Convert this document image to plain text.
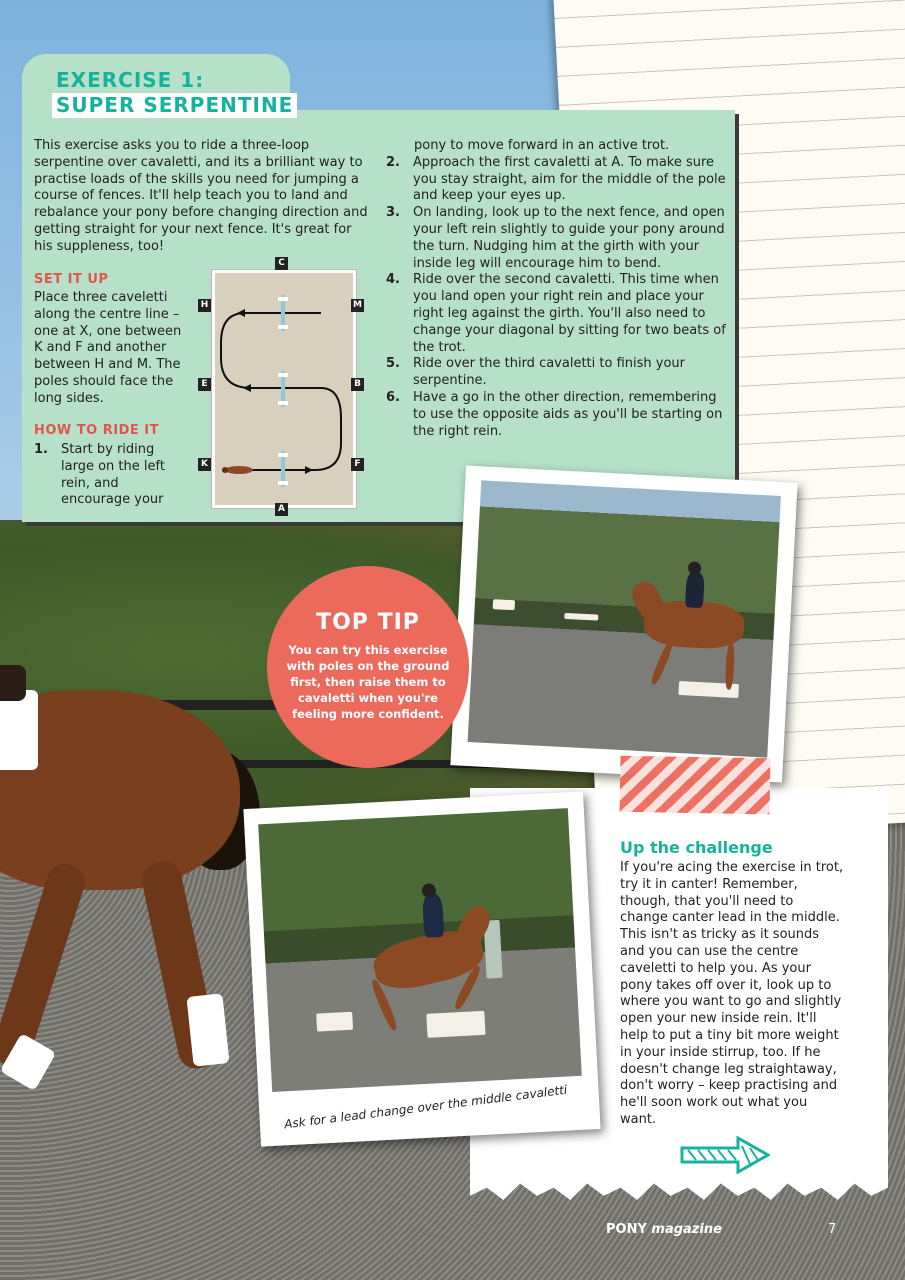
EXERCISE 1:
SUPER SERPENTINE

This exercise asks you to ride a three-loop serpentine over cavaletti, and its a brilliant way to practise loads of the skills you need for jumping a course of fences. It'll help teach you to land and rebalance your pony before changing direction and getting straight for your next fence. It's great for his suppleness, too!

SET IT UP

Place three caveletti along the centre line – one at X, one between K and F and another between H and M. The poles should face the long sides.

HOW TO RIDE IT
1.	Start by riding large on the left rein, and encourage your
pony to move forward in an active trot.
2.	Approach the first cavaletti at A. To make sure you stay straight, aim for the middle of the pole and keep your eyes up.
3.	On landing, look up to the next fence, and open your left rein slightly to guide your pony around the turn. Nudging him at the girth with your inside leg will encourage him to bend.
4.	Ride over the second cavaletti. This time when you land open your right rein and place your right leg against the girth. You'll also need to change your diagonal by sitting for two beats of the trot.
5.	Ride over the third cavaletti to finish your serpentine.
6.	Have a go in the other direction, remembering to use the opposite aids as you'll be starting on the right rein.
C
A
H
E
K
M
B
F
TOP TIP

You can try this exercise with poles on the ground first, then raise them to cavaletti when you're feeling more confident.

Ask for a lead change over the middle cavaletti

Up the challenge

If you're acing the exercise in trot, try it in canter! Remember, though, that you'll need to change canter lead in the middle. This isn't as tricky as it sounds and you can use the centre caveletti to help you. As your pony takes off over it, look up to where you want to go and slightly open your new inside rein. It'll help to put a tiny bit more weight in your inside stirrup, too. If he doesn't change leg straightaway, don't worry – keep practising and he'll soon work out what you want.

PONY magazine	7
